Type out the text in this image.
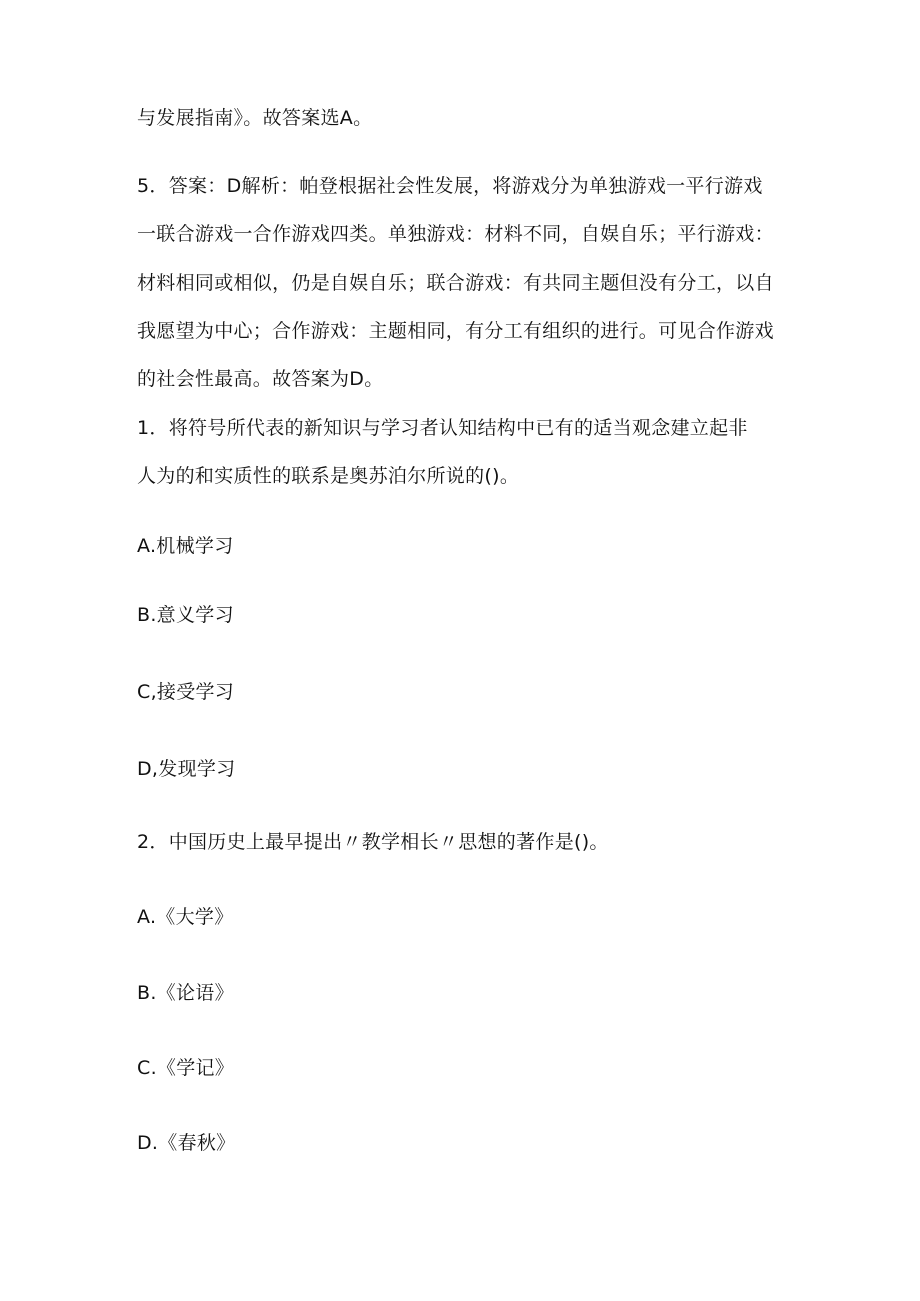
与发展指南》。故答案选A。
5．答案：D解析：帕登根据社会性发展，将游戏分为单独游戏一平行游戏
一联合游戏一合作游戏四类。单独游戏：材料不同，自娱自乐；平行游戏：
材料相同或相似，仍是自娱自乐；联合游戏：有共同主题但没有分工，以自
我愿望为中心；合作游戏：主题相同，有分工有组织的进行。可见合作游戏
的社会性最高。故答案为D。
1．将符号所代表的新知识与学习者认知结构中已有的适当观念建立起非
人为的和实质性的联系是奥苏泊尔所说的()。
A.机械学习
B.意义学习
C,接受学习
D,发现学习
2．中国历史上最早提出〃教学相长〃思想的著作是()。
A.《大学》
B.《论语》
C.《学记》
D.《春秋》
